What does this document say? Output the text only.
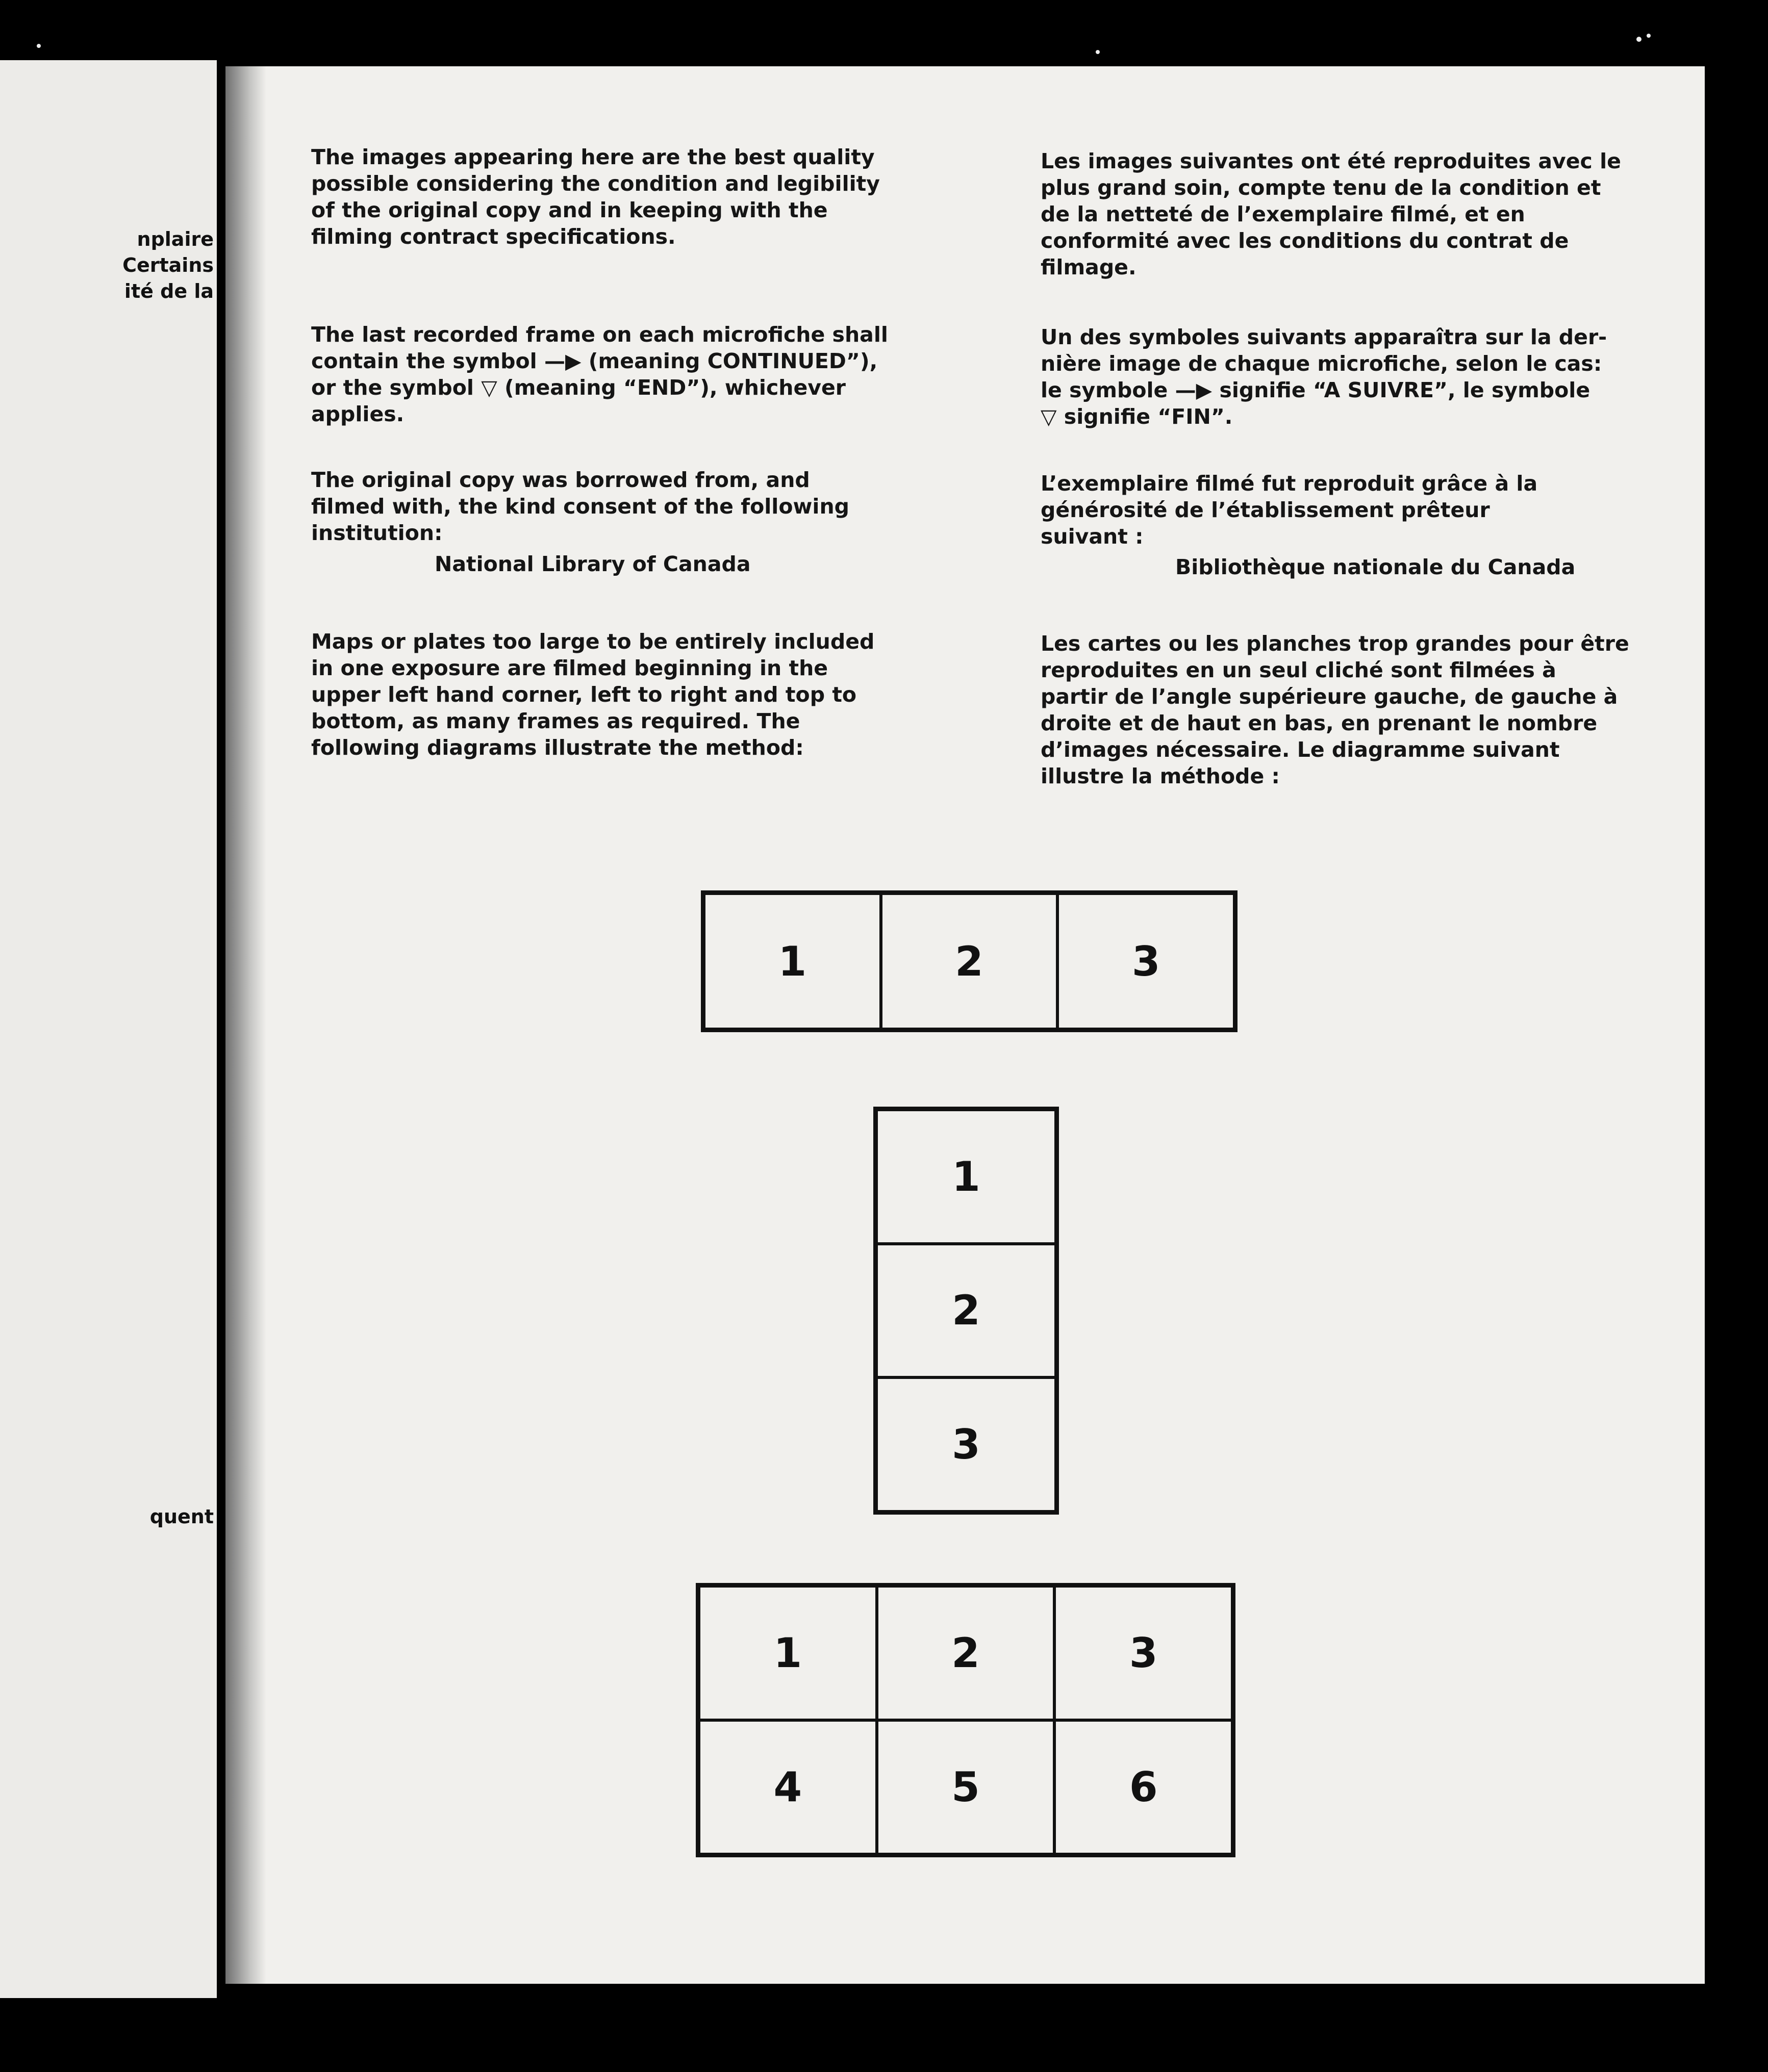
nplaire

Certains

ité de la

quent

The images appearing here are the best quality
possible considering the condition and legibility
of the original copy and in keeping with the
filming contract specifications.

The last recorded frame on each microfiche shall
contain the symbol —▶ (meaning CONTINUED”),
or the symbol ▽ (meaning “END”), whichever
applies.

The original copy was borrowed from, and
filmed with, the kind consent of the following
institution:

National Library of Canada

Maps or plates too large to be entirely included
in one exposure are filmed beginning in the
upper left hand corner, left to right and top to
bottom, as many frames as required. The
following diagrams illustrate the method:

Les images suivantes ont été reproduites avec le
plus grand soin, compte tenu de la condition et
de la netteté de l’exemplaire filmé, et en
conformité avec les conditions du contrat de
filmage.

Un des symboles suivants apparaîtra sur la der-
nière image de chaque microfiche, selon le cas:
le symbole —▶ signifie “A SUIVRE”, le symbole
▽ signifie “FIN”.

L’exemplaire filmé fut reproduit grâce à la
générosité de l’établissement prêteur
suivant :

Bibliothèque nationale du Canada

Les cartes ou les planches trop grandes pour être
reproduites en un seul cliché sont filmées à
partir de l’angle supérieure gauche, de gauche à
droite et de haut en bas, en prenant le nombre
d’images nécessaire. Le diagramme suivant
illustre la méthode :

1	2	3
1
2
3
1	2	3
4	5	6
